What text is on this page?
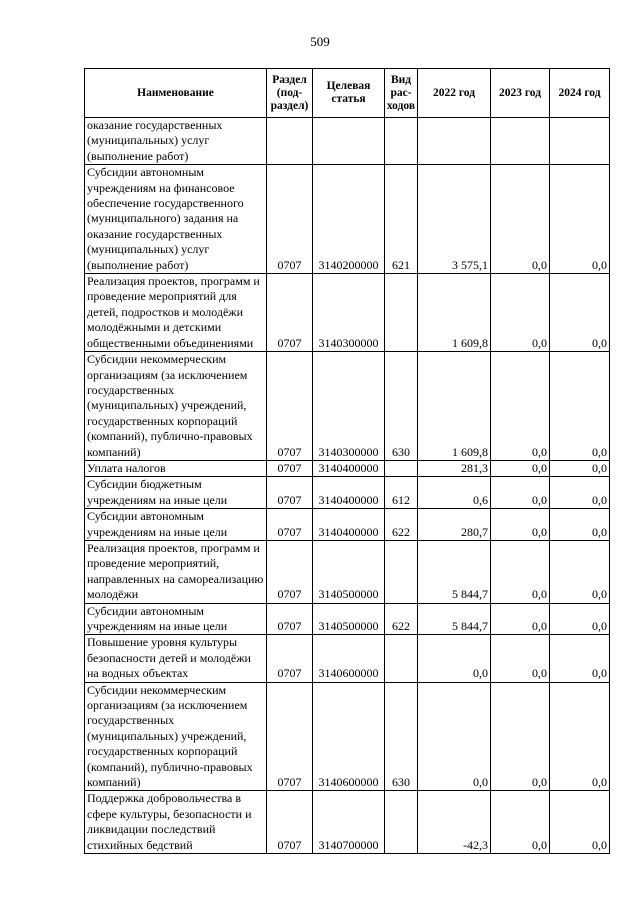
509
Наименование	Раздел (под-раздел)	Целевая статья	Вид рас-ходов	2022 год	2023 год	2024 год
оказание государственных (муниципальных) услуг (выполнение работ)						
Субсидии автономным учреждениям на финансовое обеспечение государственного (муниципального) задания на оказание государственных (муниципальных) услуг (выполнение работ)	0707	3140200000	621	3 575,1	0,0	0,0
Реализация проектов, программ и проведение мероприятий для детей, подростков и молодёжи молодёжными и детскими общественными объединениями	0707	3140300000		1 609,8	0,0	0,0
Субсидии некоммерческим организациям (за исключением государственных (муниципальных) учреждений, государственных корпораций (компаний), публично-правовых компаний)	0707	3140300000	630	1 609,8	0,0	0,0
Уплата налогов	0707	3140400000		281,3	0,0	0,0
Субсидии бюджетным учреждениям на иные цели	0707	3140400000	612	0,6	0,0	0,0
Субсидии автономным учреждениям на иные цели	0707	3140400000	622	280,7	0,0	0,0
Реализация проектов, программ и проведение мероприятий, направленных на самореализацию молодёжи	0707	3140500000		5 844,7	0,0	0,0
Субсидии автономным учреждениям на иные цели	0707	3140500000	622	5 844,7	0,0	0,0
Повышение уровня культуры безопасности детей и молодёжи на водных объектах	0707	3140600000		0,0	0,0	0,0
Субсидии некоммерческим организациям (за исключением государственных (муниципальных) учреждений, государственных корпораций (компаний), публично-правовых компаний)	0707	3140600000	630	0,0	0,0	0,0
Поддержка добровольчества в сфере культуры, безопасности и ликвидации последствий стихийных бедствий	0707	3140700000		-42,3	0,0	0,0
